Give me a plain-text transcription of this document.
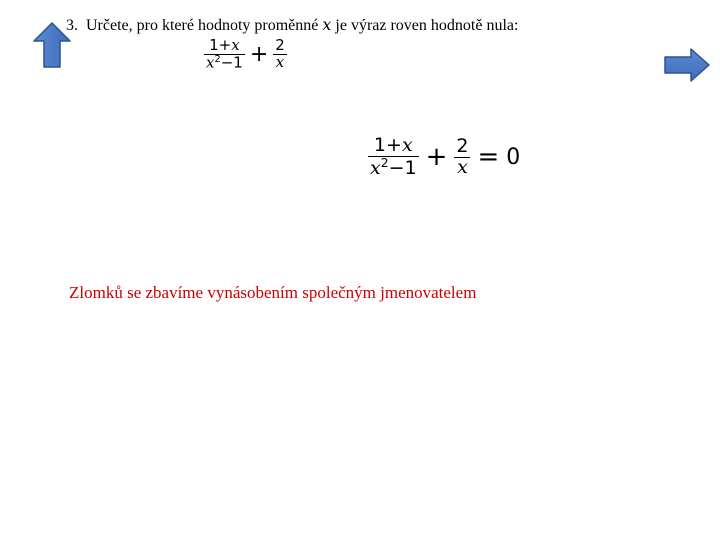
3. Určete, pro které hodnoty proměnné x je výraz roven hodnotě nula:
$\frac{1+x}{x^2-1} + \frac{2}{x}$
$\frac{1+x}{x^2-1} + \frac{2}{x} = 0$
Zlomků se zbavíme vynásobením společným jmenovatelem
